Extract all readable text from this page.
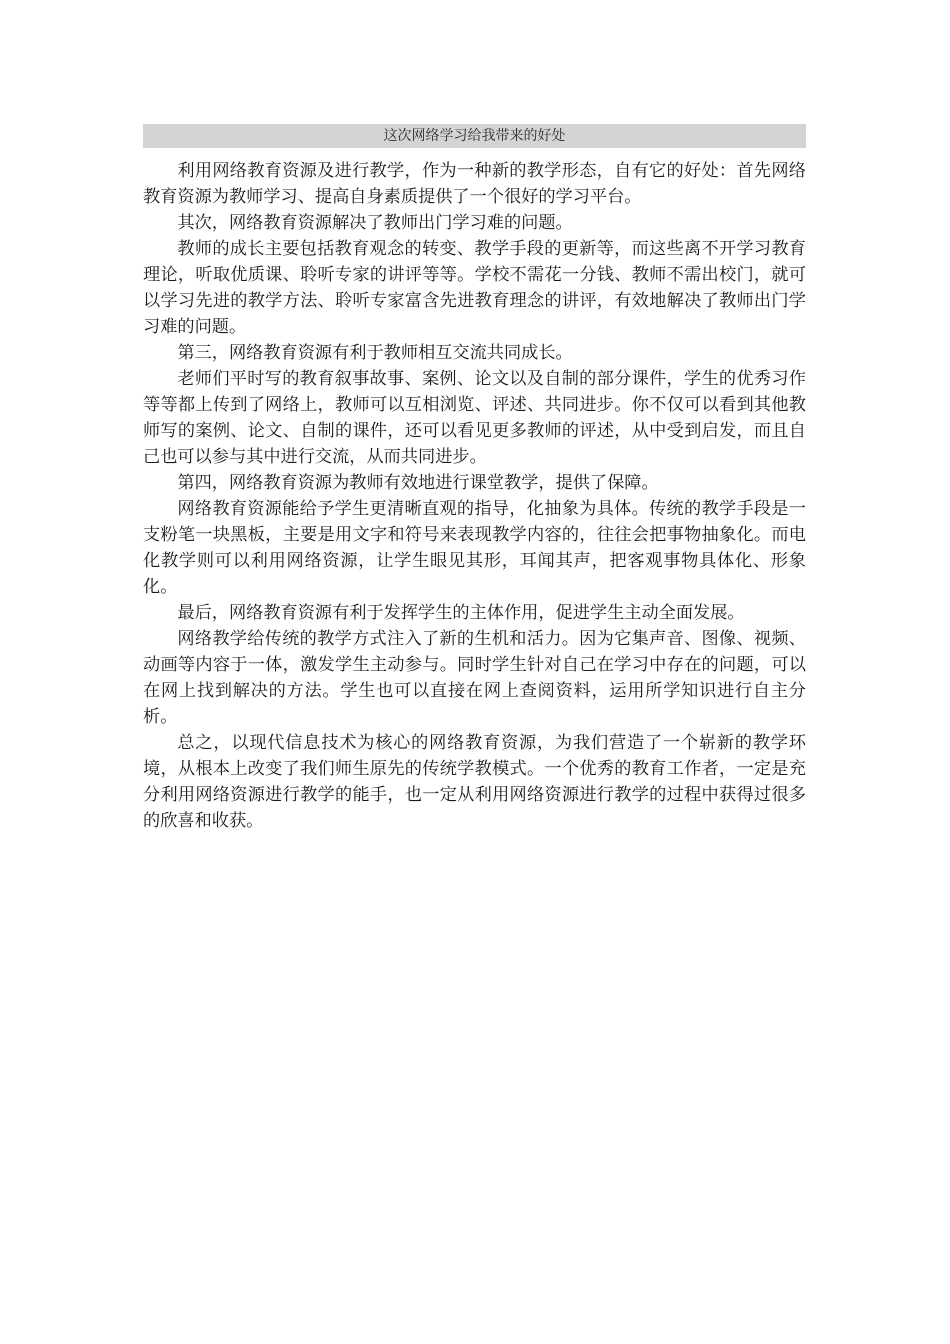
这次网络学习给我带来的好处

利用网络教育资源及进行教学，作为一种新的教学形态，自有它的好处：首先网络教育资源为教师学习、提高自身素质提供了一个很好的学习平台。

其次，网络教育资源解决了教师出门学习难的问题。

教师的成长主要包括教育观念的转变、教学手段的更新等，而这些离不开学习教育理论，听取优质课、聆听专家的讲评等等。学校不需花一分钱、教师不需出校门，就可以学习先进的教学方法、聆听专家富含先进教育理念的讲评，有效地解决了教师出门学习难的问题。

第三，网络教育资源有利于教师相互交流共同成长。

老师们平时写的教育叙事故事、案例、论文以及自制的部分课件，学生的优秀习作等等都上传到了网络上，教师可以互相浏览、评述、共同进步。你不仅可以看到其他教师写的案例、论文、自制的课件，还可以看见更多教师的评述，从中受到启发，而且自己也可以参与其中进行交流，从而共同进步。

第四，网络教育资源为教师有效地进行课堂教学，提供了保障。

网络教育资源能给予学生更清晰直观的指导，化抽象为具体。传统的教学手段是一支粉笔一块黑板，主要是用文字和符号来表现教学内容的，往往会把事物抽象化。而电化教学则可以利用网络资源，让学生眼见其形，耳闻其声，把客观事物具体化、形象化。

最后，网络教育资源有利于发挥学生的主体作用，促进学生主动全面发展。

网络教学给传统的教学方式注入了新的生机和活力。因为它集声音、图像、视频、动画等内容于一体，激发学生主动参与。同时学生针对自己在学习中存在的问题，可以在网上找到解决的方法。学生也可以直接在网上查阅资料，运用所学知识进行自主分析。

总之，以现代信息技术为核心的网络教育资源，为我们营造了一个崭新的教学环境，从根本上改变了我们师生原先的传统学教模式。一个优秀的教育工作者，一定是充分利用网络资源进行教学的能手，也一定从利用网络资源进行教学的过程中获得过很多的欣喜和收获。
